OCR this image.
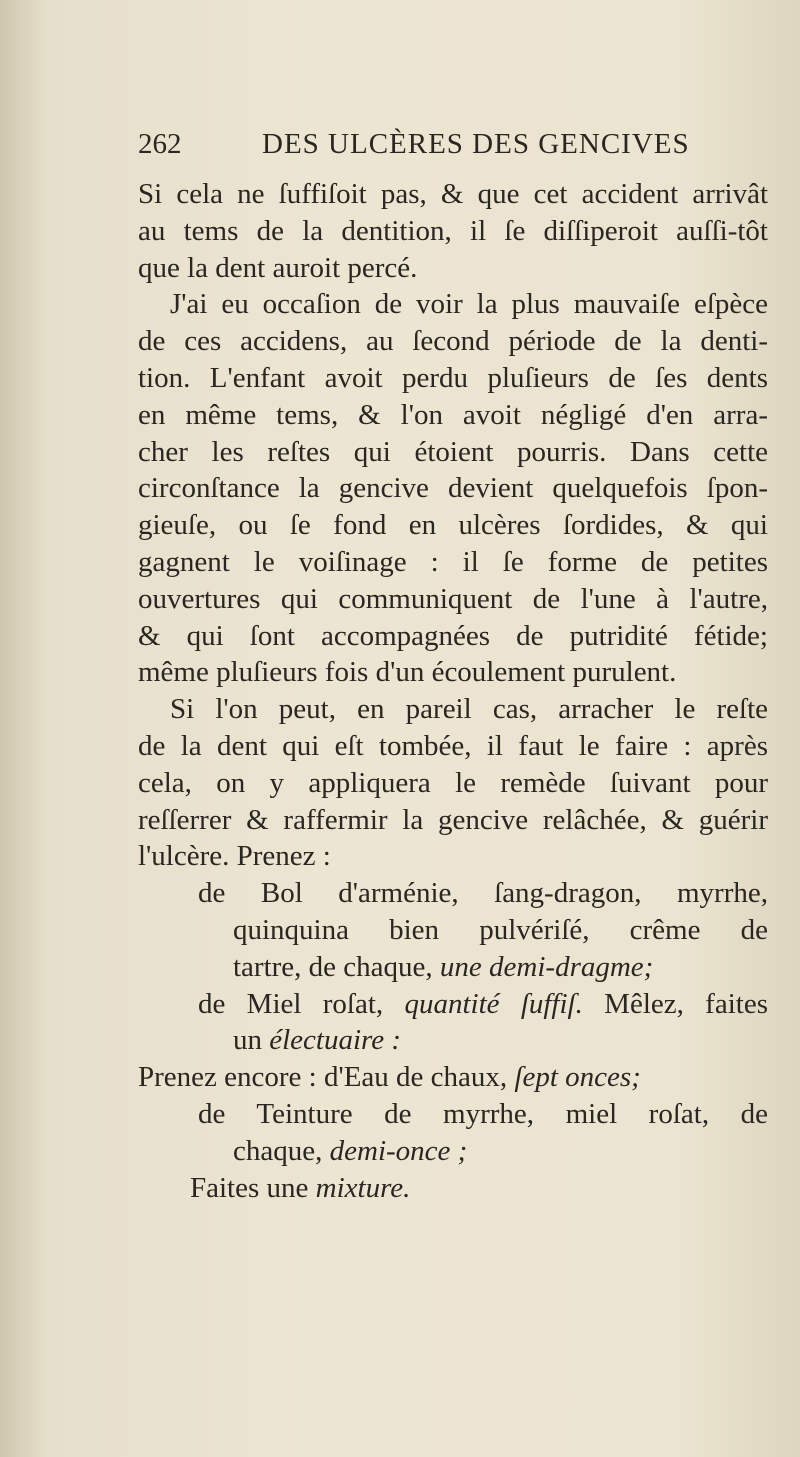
262	DES ULCÈRES DES GENCIVES
Si cela ne ſuffiſoit pas, & que cet accident arrivât
au tems de la dentition, il ſe diſſiperoit auſſi-tôt
que la dent auroit percé.
J'ai eu occaſion de voir la plus mauvaiſe eſpèce
de ces accidens, au ſecond période de la denti-
tion. L'enfant avoit perdu pluſieurs de ſes dents
en même tems, & l'on avoit négligé d'en arra-
cher les reſtes qui étoient pourris. Dans cette
circonſtance la gencive devient quelquefois ſpon-
gieuſe, ou ſe fond en ulcères ſordides, & qui
gagnent le voiſinage : il ſe forme de petites
ouvertures qui communiquent de l'une à l'autre,
& qui ſont accompagnées de putridité fétide;
même pluſieurs fois d'un écoulement purulent.
Si l'on peut, en pareil cas, arracher le reſte
de la dent qui eſt tombée, il faut le faire : après
cela, on y appliquera le remède ſuivant pour
reſſerrer & raffermir la gencive relâchée, & guérir
l'ulcère. Prenez :
de Bol d'arménie, ſang-dragon, myrrhe,
quinquina bien pulvériſé, crême de
tartre, de chaque, une demi-dragme;
de Miel roſat, quantité ſuffiſ. Mêlez, faites
un électuaire :
Prenez encore : d'Eau de chaux, ſept onces;
de Teinture de myrrhe, miel roſat, de
chaque, demi-once ;
Faites une mixture.
